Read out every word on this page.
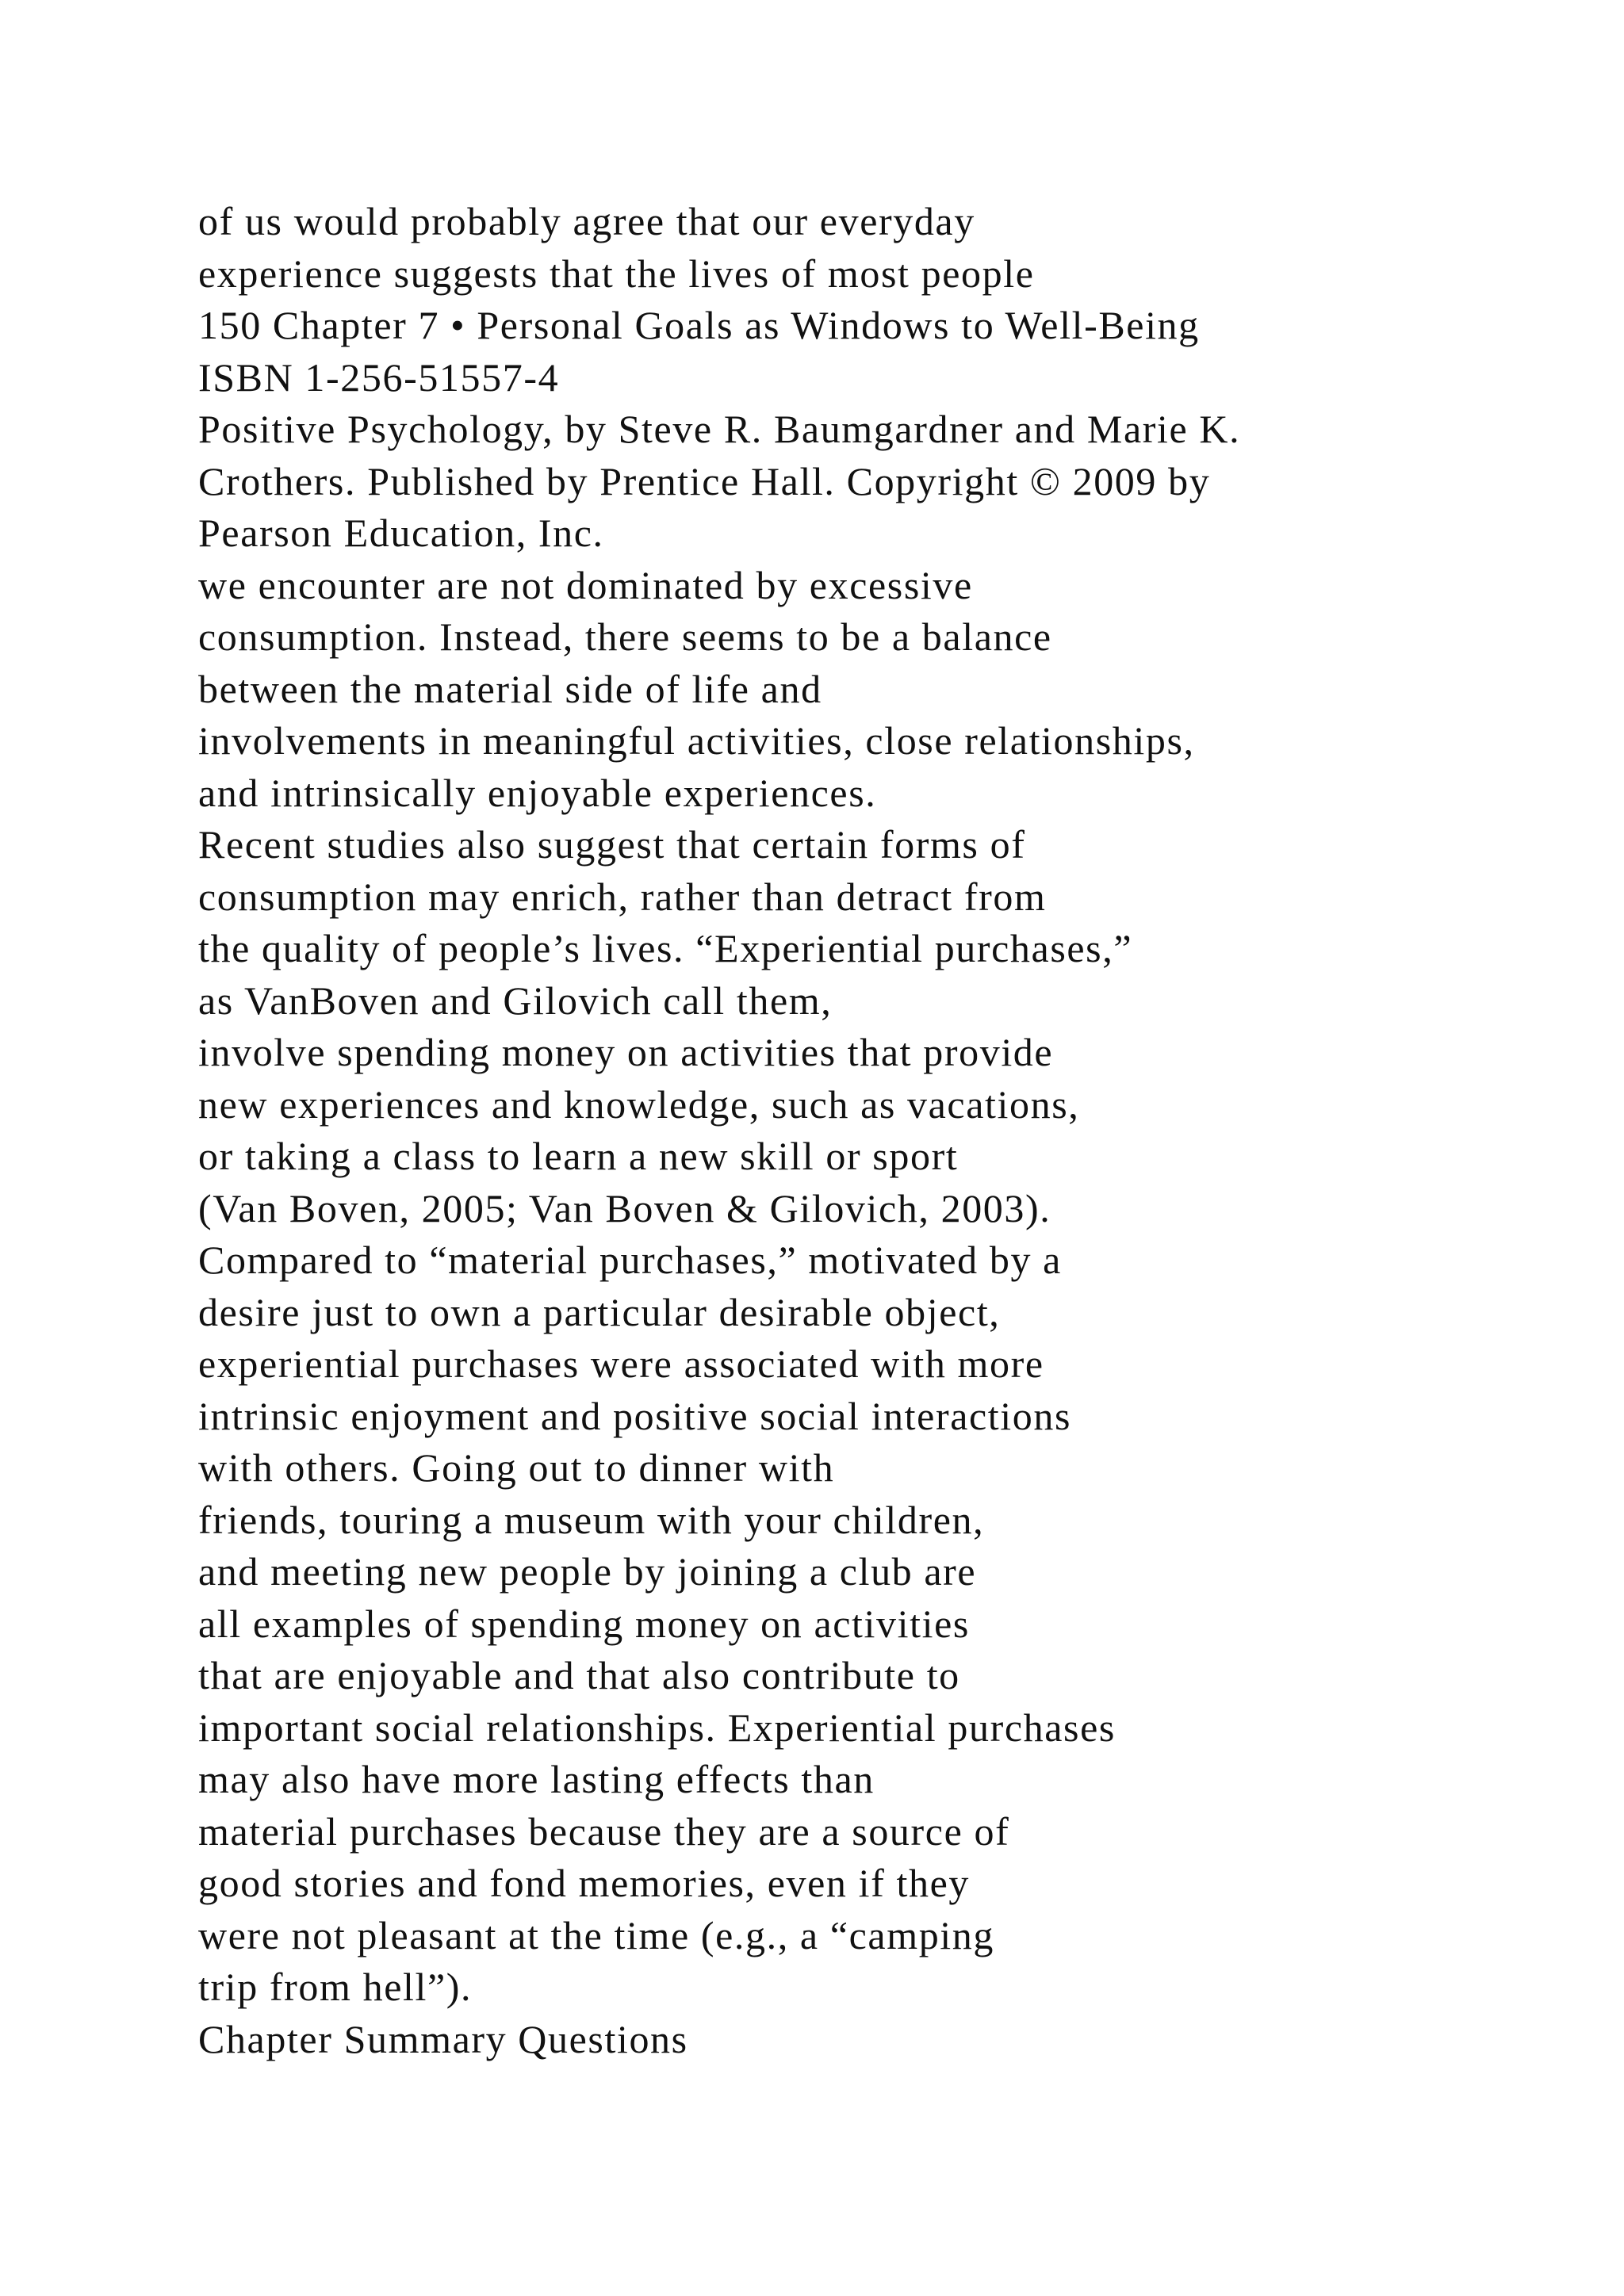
of us would probably agree that our everyday
experience suggests that the lives of most people
150 Chapter 7 • Personal Goals as Windows to Well-Being
ISBN 1-256-51557-4
Positive Psychology, by Steve R. Baumgardner and Marie K.
Crothers. Published by Prentice Hall. Copyright © 2009 by
Pearson Education, Inc.
we encounter are not dominated by excessive
consumption. Instead, there seems to be a balance
between the material side of life and
involvements in meaningful activities, close relationships,
and intrinsically enjoyable experiences.
Recent studies also suggest that certain forms of
consumption may enrich, rather than detract from
the quality of people’s lives. “Experiential purchases,”
as VanBoven and Gilovich call them,
involve spending money on activities that provide
new experiences and knowledge, such as vacations,
or taking a class to learn a new skill or sport
(Van Boven, 2005; Van Boven & Gilovich, 2003).
Compared to “material purchases,” motivated by a
desire just to own a particular desirable object,
experiential purchases were associated with more
intrinsic enjoyment and positive social interactions
with others. Going out to dinner with
friends, touring a museum with your children,
and meeting new people by joining a club are
all examples of spending money on activities
that are enjoyable and that also contribute to
important social relationships. Experiential purchases
may also have more lasting effects than
material purchases because they are a source of
good stories and fond memories, even if they
were not pleasant at the time (e.g., a “camping
trip from hell”).
Chapter Summary Questions
